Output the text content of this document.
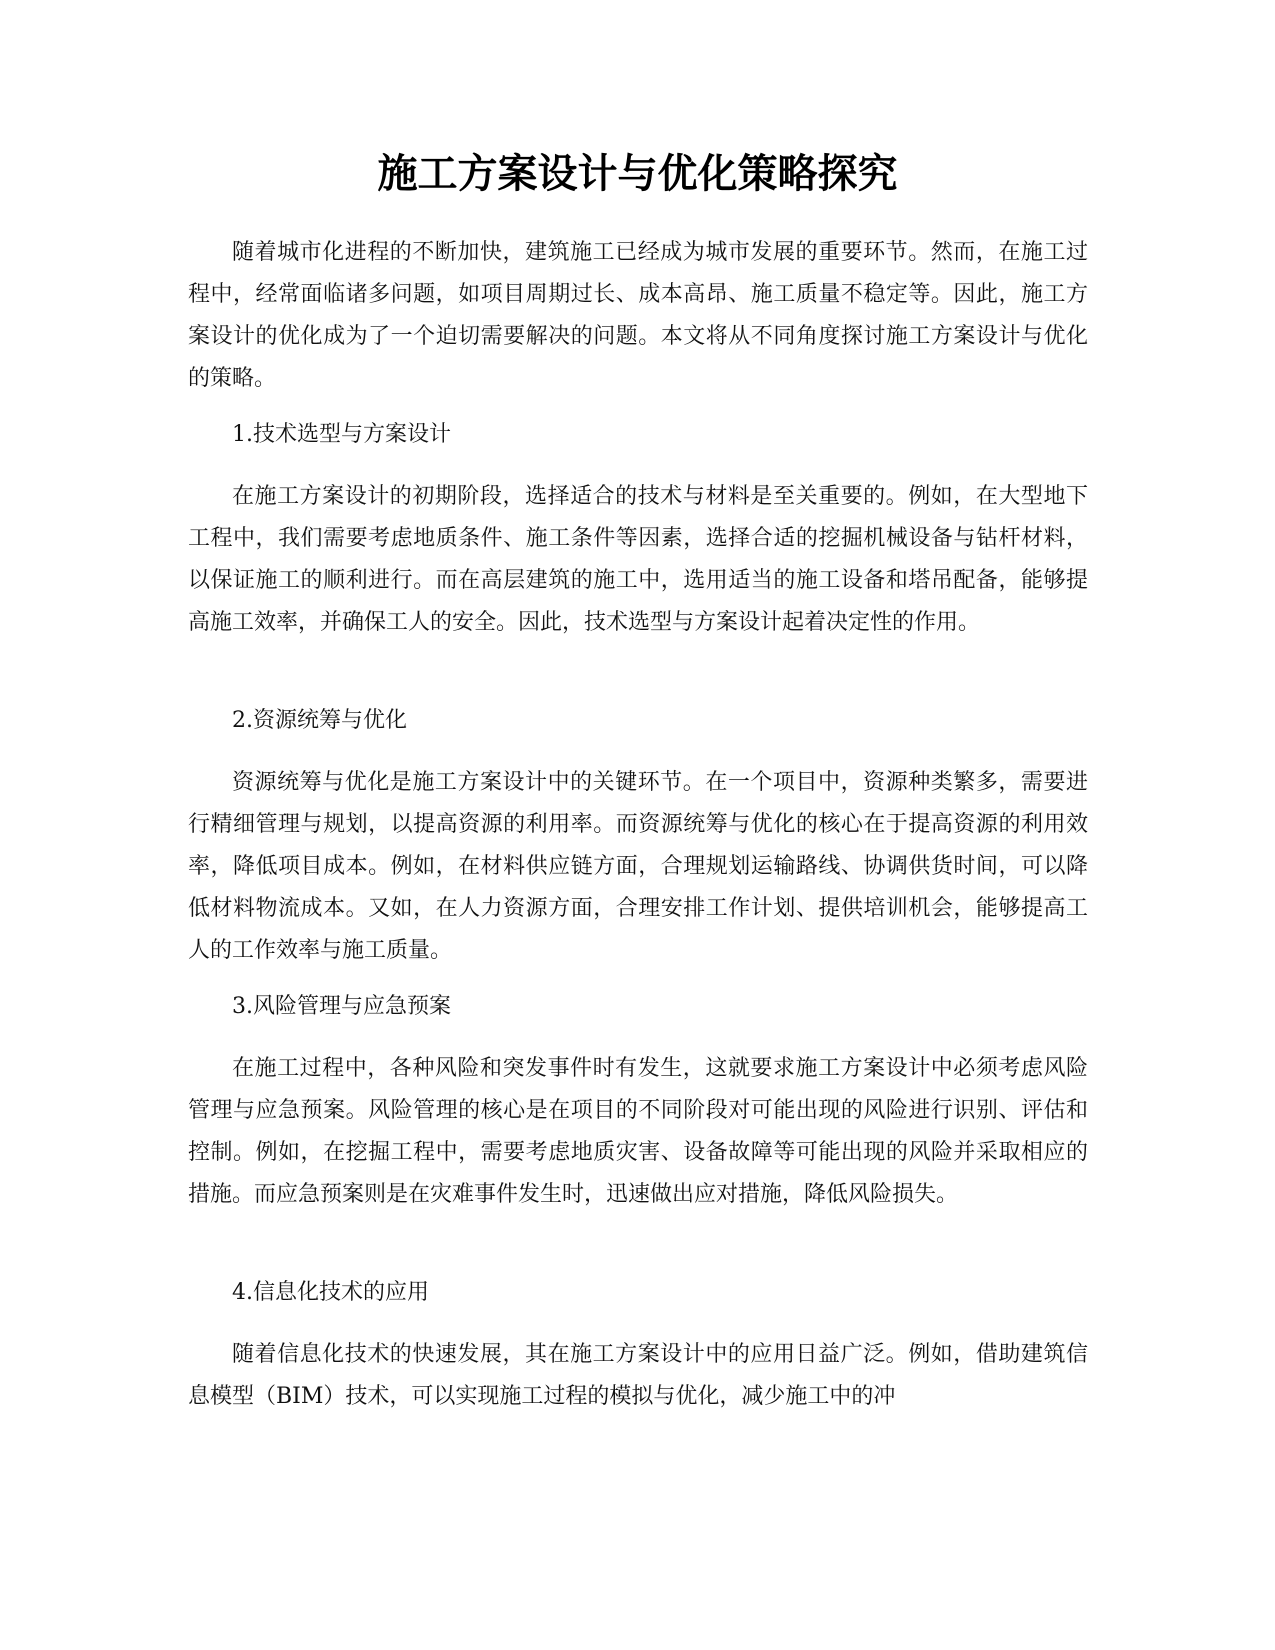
施工方案设计与优化策略探究

随着城市化进程的不断加快，建筑施工已经成为城市发展的重要环节。然而，在施工过程中，经常面临诸多问题，如项目周期过长、成本高昂、施工质量不稳定等。因此，施工方案设计的优化成为了一个迫切需要解决的问题。本文将从不同角度探讨施工方案设计与优化的策略。

1.技术选型与方案设计

在施工方案设计的初期阶段，选择适合的技术与材料是至关重要的。例如，在大型地下工程中，我们需要考虑地质条件、施工条件等因素，选择合适的挖掘机械设备与钻杆材料，以保证施工的顺利进行。而在高层建筑的施工中，选用适当的施工设备和塔吊配备，能够提高施工效率，并确保工人的安全。因此，技术选型与方案设计起着决定性的作用。

2.资源统筹与优化

资源统筹与优化是施工方案设计中的关键环节。在一个项目中，资源种类繁多，需要进行精细管理与规划，以提高资源的利用率。而资源统筹与优化的核心在于提高资源的利用效率，降低项目成本。例如，在材料供应链方面，合理规划运输路线、协调供货时间，可以降低材料物流成本。又如，在人力资源方面，合理安排工作计划、提供培训机会，能够提高工人的工作效率与施工质量。

3.风险管理与应急预案

在施工过程中，各种风险和突发事件时有发生，这就要求施工方案设计中必须考虑风险管理与应急预案。风险管理的核心是在项目的不同阶段对可能出现的风险进行识别、评估和控制。例如，在挖掘工程中，需要考虑地质灾害、设备故障等可能出现的风险并采取相应的措施。而应急预案则是在灾难事件发生时，迅速做出应对措施，降低风险损失。

4.信息化技术的应用

随着信息化技术的快速发展，其在施工方案设计中的应用日益广泛。例如，借助建筑信息模型（BIM）技术，可以实现施工过程的模拟与优化，减少施工中的冲
